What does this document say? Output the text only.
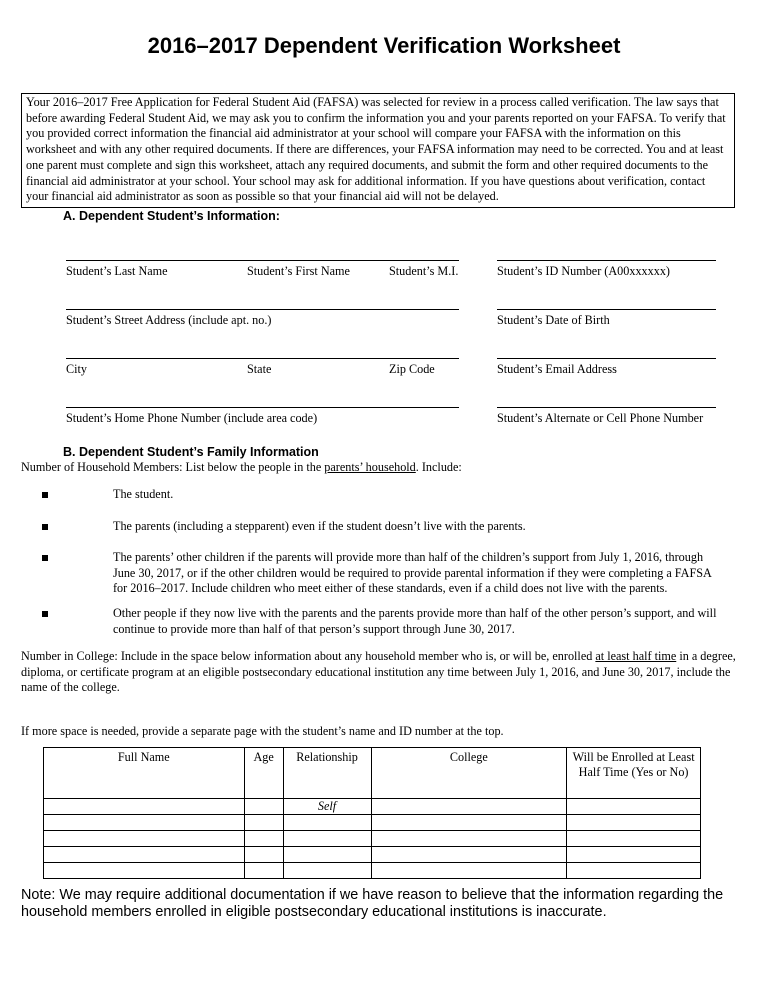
2016–2017 Dependent Verification Worksheet
Your 2016–2017 Free Application for Federal Student Aid (FAFSA) was selected for review in a process called verification. The law says that before awarding Federal Student Aid, we may ask you to confirm the information you and your parents reported on your FAFSA. To verify that you provided correct information the financial aid administrator at your school will compare your FAFSA with the information on this worksheet and with any other required documents. If there are differences, your FAFSA information may need to be corrected. You and at least one parent must complete and sign this worksheet, attach any required documents, and submit the form and other required documents to the financial aid administrator at your school. Your school may ask for additional information. If you have questions about verification, contact your financial aid administrator as soon as possible so that your financial aid will not be delayed.
A. Dependent Student’s Information:
Student’s Last Name	Student’s First Name	Student’s M.I.	Student’s ID Number (A00xxxxxx)
Student’s Street Address (include apt. no.)	Student’s Date of Birth
City	State	Zip Code	Student’s Email Address
Student’s Home Phone Number (include area code)	Student’s Alternate or Cell Phone Number
B. Dependent Student’s Family Information
Number of Household Members: List below the people in the parents’ household. Include:
The student.
The parents (including a stepparent) even if the student doesn’t live with the parents.
The parents’ other children if the parents will provide more than half of the children’s support from July 1, 2016, through June 30, 2017, or if the other children would be required to provide parental information if they were completing a FAFSA for 2016–2017. Include children who meet either of these standards, even if a child does not live with the parents.
Other people if they now live with the parents and the parents provide more than half of the other person’s support, and will continue to provide more than half of that person’s support through June 30, 2017.
Number in College: Include in the space below information about any household member who is, or will be, enrolled at least half time in a degree, diploma, or certificate program at an eligible postsecondary educational institution any time between July 1, 2016, and June 30, 2017, include the name of the college.
If more space is needed, provide a separate page with the student’s name and ID number at the top.
Full Name	Age	Relationship	College	Will be Enrolled at Least Half Time (Yes or No)
		Self		

Note: We may require additional documentation if we have reason to believe that the information regarding the household members enrolled in eligible postsecondary educational institutions is inaccurate.
